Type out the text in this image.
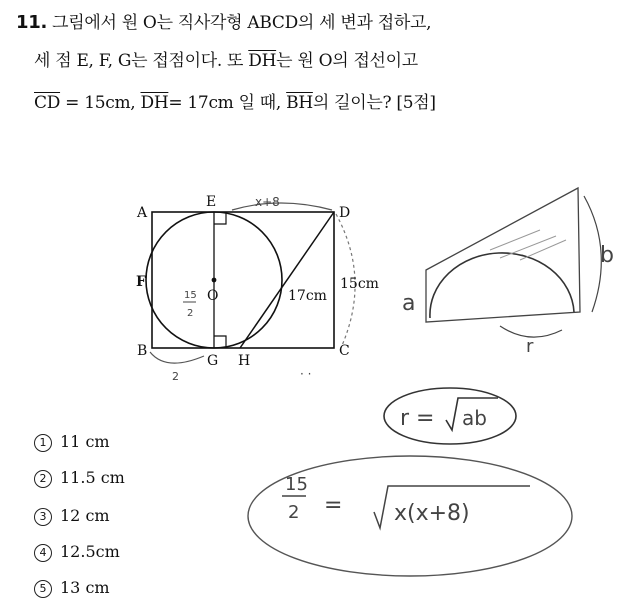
11. 그림에서 원 O는 직사각형 ABCD의 세 변과 접하고,
세 점 E, F, G는 접점이다. 또 $\overline{DH}$는 원 O의 접선이고
$\overline{CD} = 15cm$, $\overline{DH}= 17cm$ 일 때, $\overline{BH}$의 길이는? [5점]
A
E
D
F
O
B
G H
C
17cm
15cm
x+8
15
2
2	· ·
a
b
r
r = ab
15
2 = x(x+8)
1 11 cm
2 11.5 cm
3 12 cm
4 12.5cm
5 13 cm
